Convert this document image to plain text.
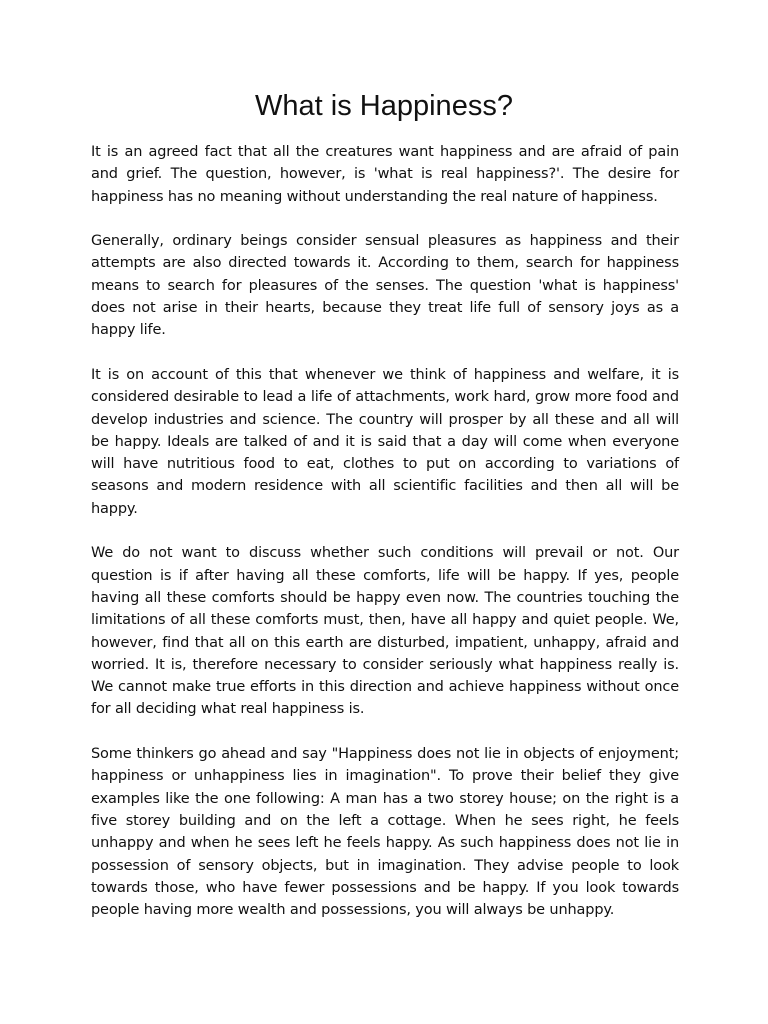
What is Happiness?

It is an agreed fact that all the creatures want happiness and are afraid of pain and grief. The question, however, is 'what is real happiness?'. The desire for happiness has no meaning without understanding the real nature of happiness.

Generally, ordinary beings consider sensual pleasures as happiness and their attempts are also directed towards it. According to them, search for happiness means to search for pleasures of the senses. The question 'what is happiness' does not arise in their hearts, because they treat life full of sensory joys as a happy life.

It is on account of this that whenever we think of happiness and welfare, it is considered desirable to lead a life of attachments, work hard, grow more food and develop industries and science. The country will prosper by all these and all will be happy. Ideals are talked of and it is said that a day will come when everyone will have nutritious food to eat, clothes to put on according to variations of seasons and modern residence with all scientific facilities and then all will be happy.

We do not want to discuss whether such conditions will prevail or not. Our question is if after having all these comforts, life will be happy. If yes, people having all these comforts should be happy even now. The countries touching the limitations of all these comforts must, then, have all happy and quiet people. We, however, find that all on this earth are disturbed, impatient, unhappy, afraid and worried. It is, therefore necessary to consider seriously what happiness really is. We cannot make true efforts in this direction and achieve happiness without once for all deciding what real happiness is.

Some thinkers go ahead and say "Happiness does not lie in objects of enjoyment; happiness or unhappiness lies in imagination". To prove their belief they give examples like the one following: A man has a two storey house; on the right is a five storey building and on the left a cottage. When he sees right, he feels unhappy and when he sees left he feels happy. As such happiness does not lie in possession of sensory objects, but in imagination. They advise people to look towards those, who have fewer possessions and be happy. If you look towards people having more wealth and possessions, you will always be unhappy.
